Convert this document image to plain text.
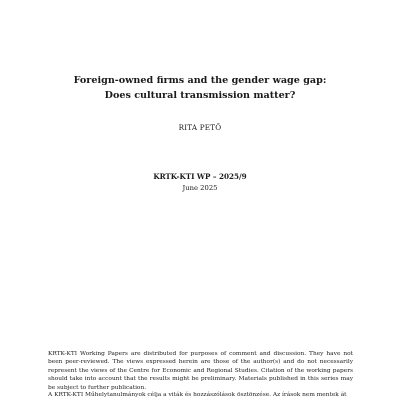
Foreign-owned firms and the gender wage gap:
Does cultural transmission matter?
RITA PETŐ
KRTK-KTI WP – 2025/9
June 2025

KRTK-KTI Working Papers are distributed for purposes of comment and discussion. They have not been peer-reviewed. The views expressed herein are those of the author(s) and do not necessarily represent the views of the Centre for Economic and Regional Studies. Citation of the working papers should take into account that the results might be preliminary. Materials published in this series may be subject to further publication.

A KRTK-KTI Műhelytanulmányok célja a viták és hozzászólások ösztönzése. Az írások nem mentek át
